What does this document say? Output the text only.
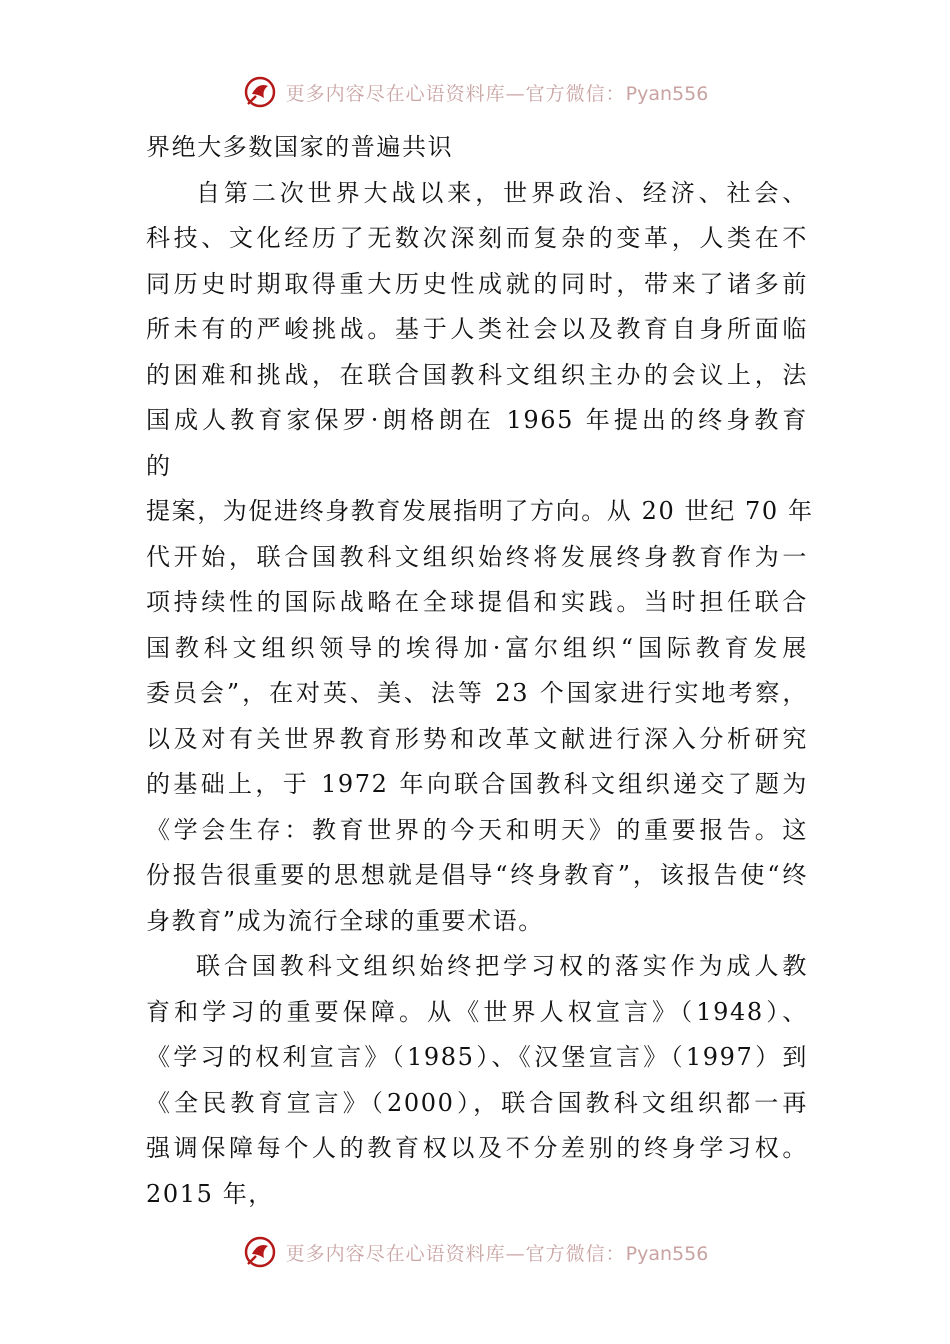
更多内容尽在心语资料库—官方微信：Pyan556
界绝大多数国家的普遍共识
自第二次世界大战以来，世界政治、经济、社会、
科技、文化经历了无数次深刻而复杂的变革，人类在不
同历史时期取得重大历史性成就的同时，带来了诸多前
所未有的严峻挑战。基于人类社会以及教育自身所面临
的困难和挑战，在联合国教科文组织主办的会议上，法
国成人教育家保罗·朗格朗在 1965 年提出的终身教育
的
提案，为促进终身教育发展指明了方向。从 20 世纪 70 年
代开始，联合国教科文组织始终将发展终身教育作为一
项持续性的国际战略在全球提倡和实践。当时担任联合
国教科文组织领导的埃得加·富尔组织“国际教育发展
委员会”，在对英、美、法等 23 个国家进行实地考察，
以及对有关世界教育形势和改革文献进行深入分析研究
的基础上，于 1972 年向联合国教科文组织递交了题为
《学会生存：教育世界的今天和明天》的重要报告。这
份报告很重要的思想就是倡导“终身教育”，该报告使“终
身教育”成为流行全球的重要术语。
联合国教科文组织始终把学习权的落实作为成人教
育和学习的重要保障。从《世界人权宣言》（1948）、
《学习的权利宣言》（1985）、《汉堡宣言》（1997）到
《全民教育宣言》（2000），联合国教科文组织都一再
强调保障每个人的教育权以及不分差别的终身学习权。
2015 年，
更多内容尽在心语资料库—官方微信：Pyan556
